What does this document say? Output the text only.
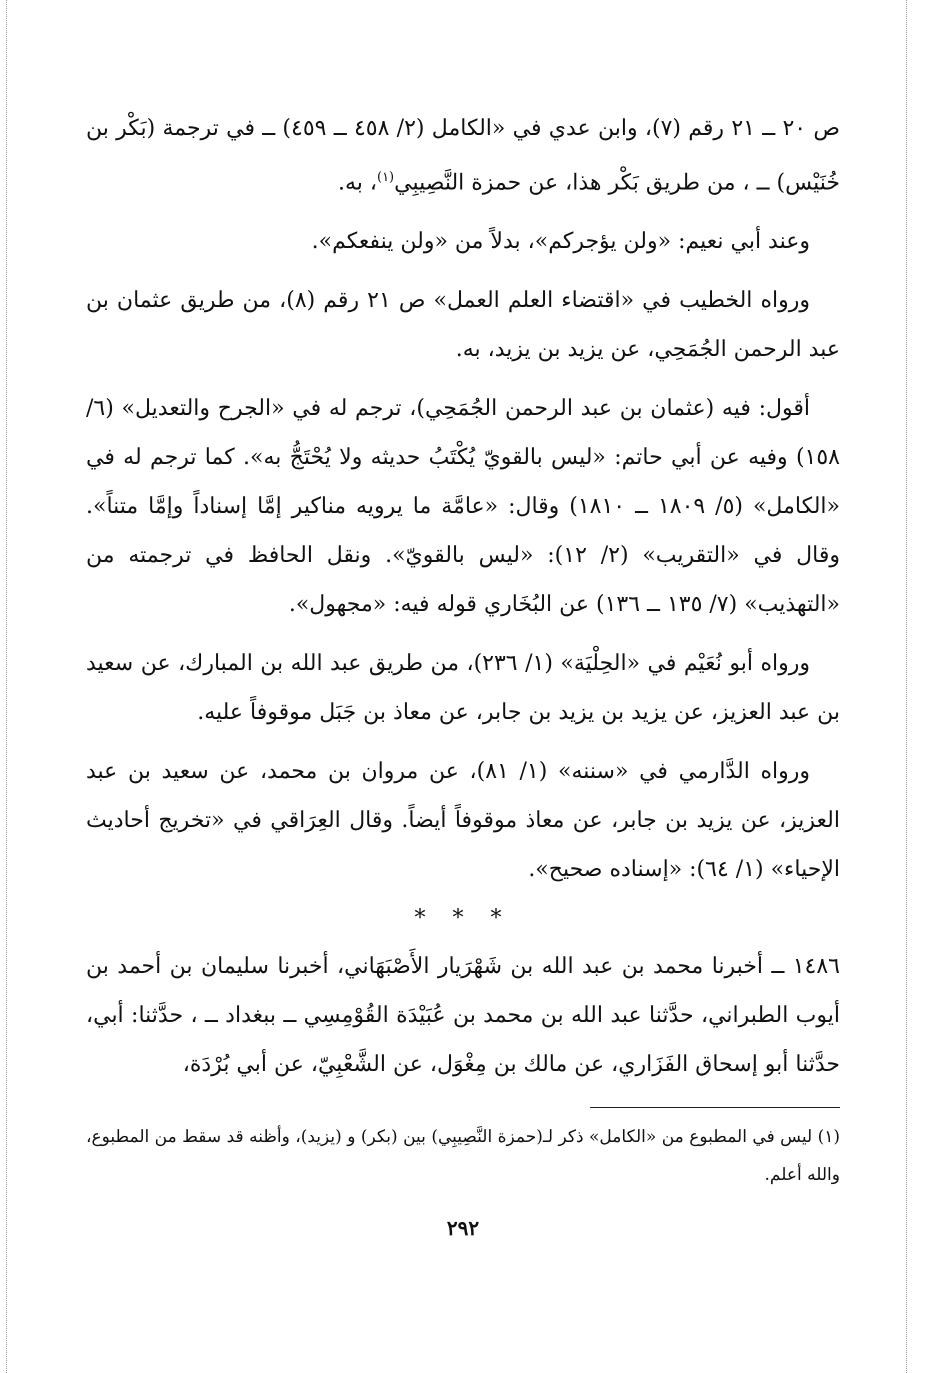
ص ٢٠ ــ ٢١ رقم (٧)، وابن عدي في «الكامل (٢/ ٤٥٨ ــ ٤٥٩) ــ في ترجمة (بَكْر بن خُنَيْس) ــ ، من طريق بَكْر هذا، عن حمزة النَّصِيبِي$^{(١)}$، به.

وعند أبي نعيم: «ولن يؤجركم»، بدلاً من «ولن ينفعكم».

ورواه الخطيب في «اقتضاء العلم العمل» ص ٢١ رقم (٨)، من طريق عثمان بن عبد الرحمن الجُمَحِي، عن يزيد بن يزيد، به.

أقول: فيه (عثمان بن عبد الرحمن الجُمَحِي)، ترجم له في «الجرح والتعديل» (٦/ ١٥٨) وفيه عن أبي حاتم: «ليس بالقويّ يُكْتَبُ حديثه ولا يُحْتَجُّ به». كما ترجم له في «الكامل» (٥/ ١٨٠٩ ــ ١٨١٠) وقال: «عامَّة ما يرويه مناكير إمَّا إسناداً وإمَّا متناً». وقال في «التقريب» (٢/ ١٢): «ليس بالقويّ». ونقل الحافظ في ترجمته من «التهذيب» (٧/ ١٣٥ ــ ١٣٦) عن البُخَاري قوله فيه: «مجهول».

ورواه أبو نُعَيْم في «الحِلْيَة» (١/ ٢٣٦)، من طريق عبد الله بن المبارك، عن سعيد بن عبد العزيز، عن يزيد بن يزيد بن جابر، عن معاذ بن جَبَل موقوفاً عليه.

ورواه الدَّارمي في «سننه» (١/ ٨١)، عن مروان بن محمد، عن سعيد بن عبد العزيز، عن يزيد بن جابر، عن معاذ موقوفاً أيضاً. وقال العِرَاقي في «تخريج أحاديث الإحياء» (١/ ٦٤): «إسناده صحيح».

* * *

١٤٨٦ ــ أخبرنا محمد بن عبد الله بن شَهْرَيار الأَصْبَهَاني، أخبرنا سليمان بن أحمد بن أيوب الطبراني، حدَّثنا عبد الله بن محمد بن عُبَيْدَة القُوْمِسِي ــ ببغداد ــ ، حدَّثنا: أبي، حدَّثنا أبو إسحاق الفَزَاري، عن مالك بن مِغْوَل، عن الشَّعْبِيّ، عن أبي بُرْدَة،

(١) ليس في المطبوع من «الكامل» ذكر لـ(حمزة النَّصِيبِي) بين (بكر) و (يزيد)، وأظنه قد سقط من المطبوع، والله أعلم.

٢٩٢
